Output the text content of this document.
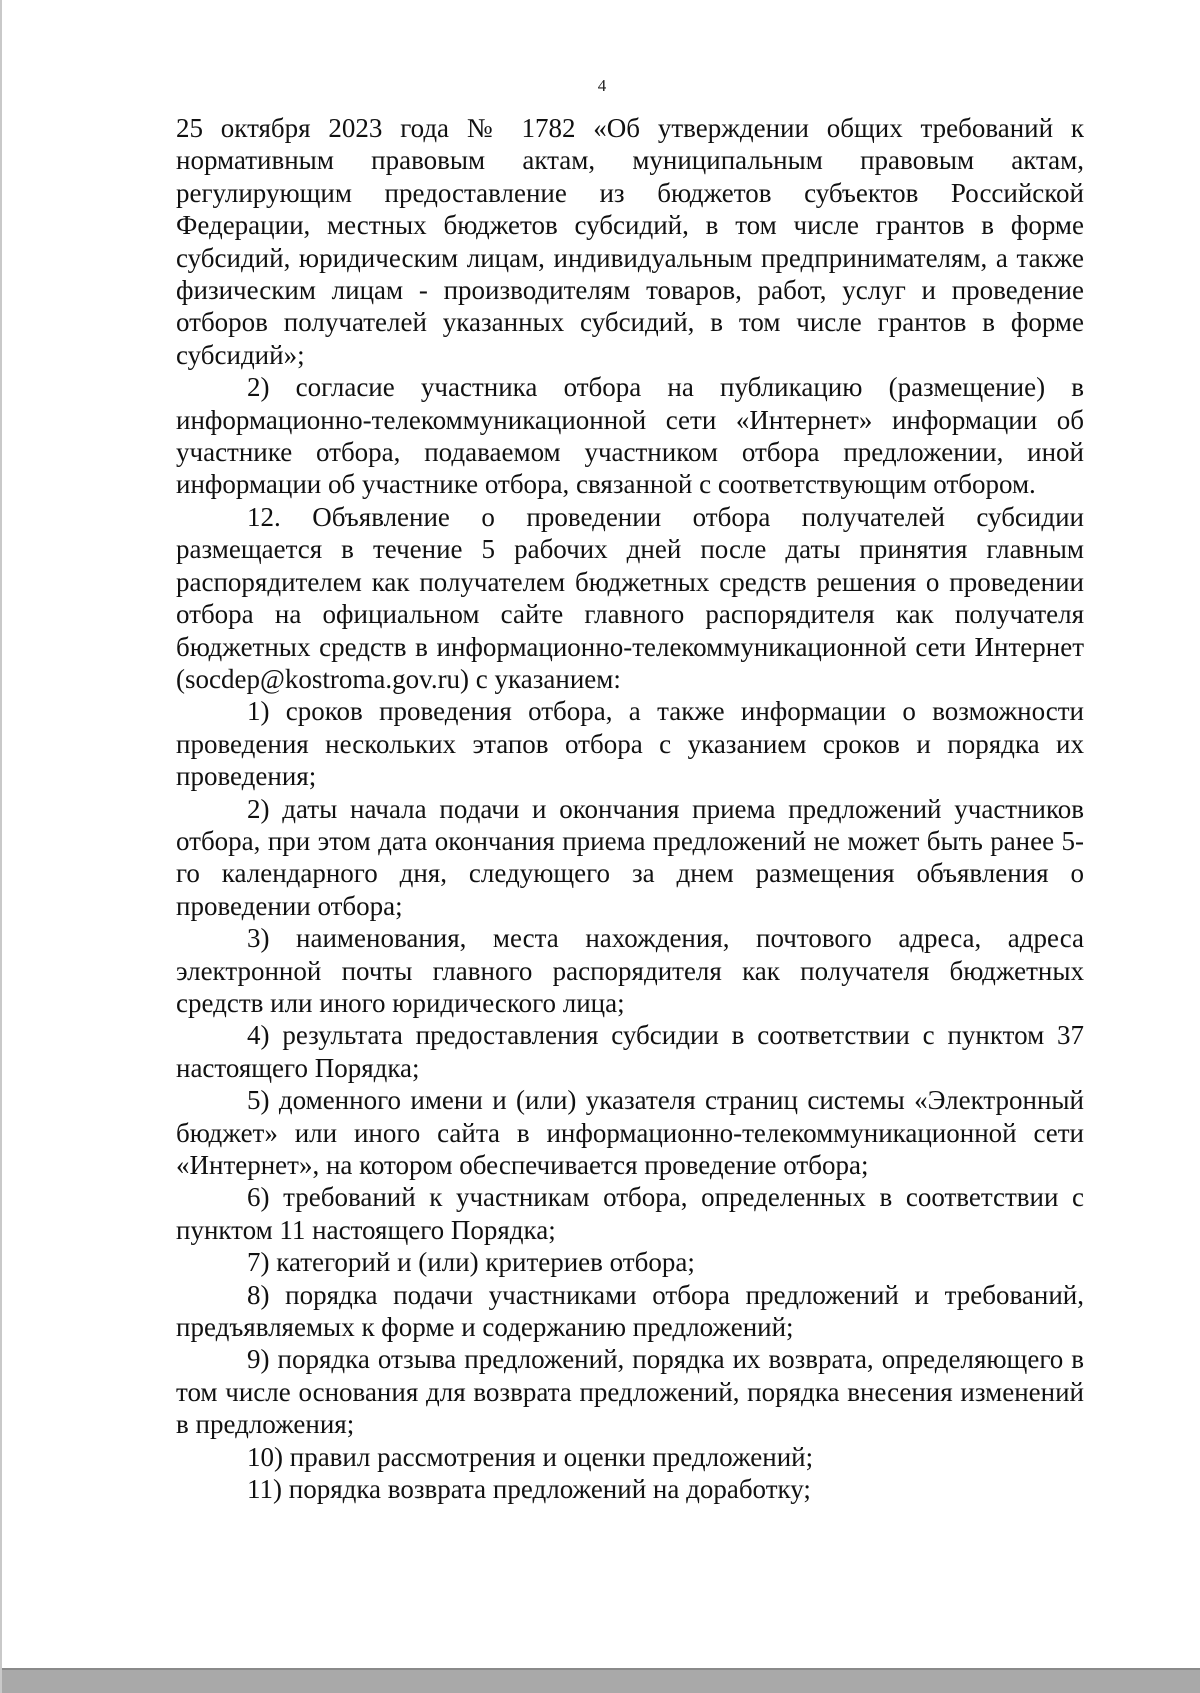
4

25 октября 2023 года № 1782 «Об утверждении общих требований к нормативным правовым актам, муниципальным правовым актам, регулирующим предоставление из бюджетов субъектов Российской Федерации, местных бюджетов субсидий, в том числе грантов в форме субсидий, юридическим лицам, индивидуальным предпринимателям, а также физическим лицам - производителям товаров, работ, услуг и проведение отборов получателей указанных субсидий, в том числе грантов в форме субсидий»;

2) согласие участника отбора на публикацию (размещение) в информационно-телекоммуникационной сети «Интернет» информации об участнике отбора, подаваемом участником отбора предложении, иной информации об участнике отбора, связанной с соответствующим отбором.

12. Объявление о проведении отбора получателей субсидии размещается в течение 5 рабочих дней после даты принятия главным распорядителем как получателем бюджетных средств решения о проведении отбора на официальном сайте главного распорядителя как получателя бюджетных средств в информационно-телекоммуникационной сети Интернет (socdep@kostroma.gov.ru) с указанием:

1) сроков проведения отбора, а также информации о возможности проведения нескольких этапов отбора с указанием сроков и порядка их проведения;

2) даты начала подачи и окончания приема предложений участников отбора, при этом дата окончания приема предложений не может быть ранее 5-го календарного дня, следующего за днем размещения объявления о проведении отбора;

3) наименования, места нахождения, почтового адреса, адреса электронной почты главного распорядителя как получателя бюджетных средств или иного юридического лица;

4) результата предоставления субсидии в соответствии с пунктом 37 настоящего Порядка;

5) доменного имени и (или) указателя страниц системы «Электронный бюджет» или иного сайта в информационно-телекоммуникационной сети «Интернет», на котором обеспечивается проведение отбора;

6) требований к участникам отбора, определенных в соответствии с пунктом 11 настоящего Порядка;

7) категорий и (или) критериев отбора;

8) порядка подачи участниками отбора предложений и требований, предъявляемых к форме и содержанию предложений;

9) порядка отзыва предложений, порядка их возврата, определяющего в том числе основания для возврата предложений, порядка внесения изменений в предложения;

10) правил рассмотрения и оценки предложений;

11) порядка возврата предложений на доработку;
